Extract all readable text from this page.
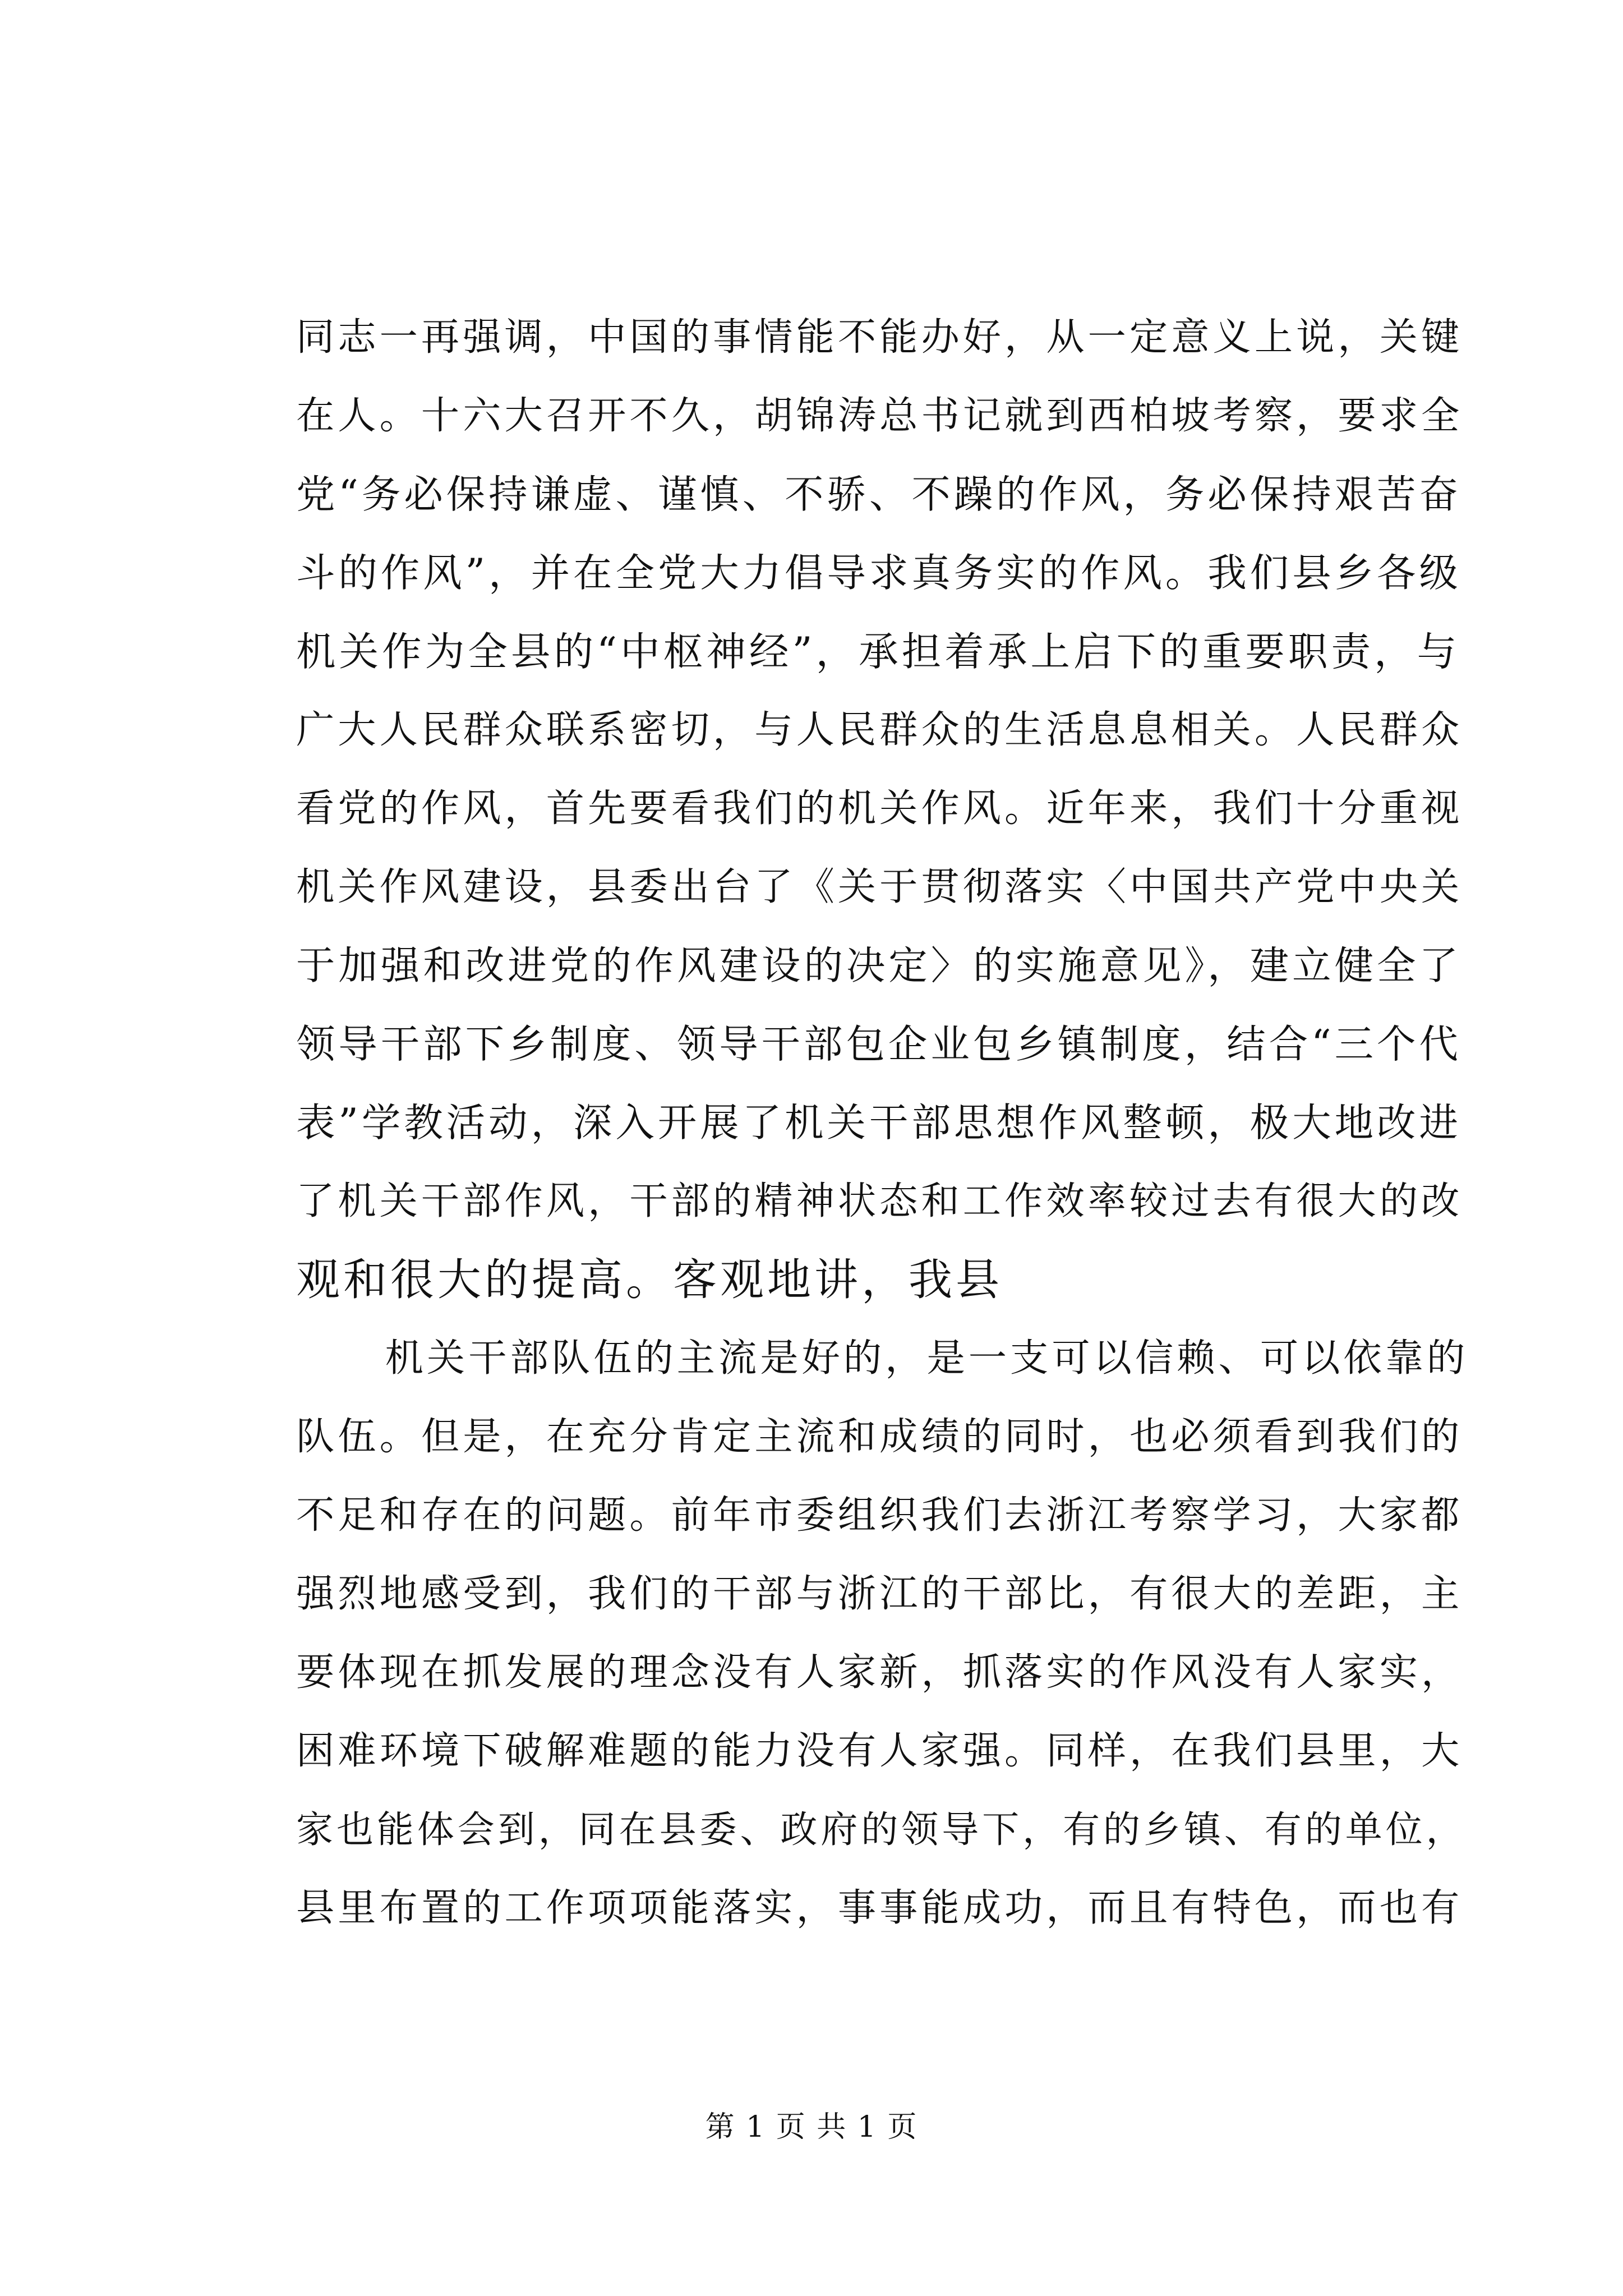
同志一再强调，中国的事情能不能办好，从一定意义上说，关键
在人。十六大召开不久，胡锦涛总书记就到西柏坡考察，要求全
党“务必保持谦虚、谨慎、不骄、不躁的作风，务必保持艰苦奋
斗的作风”，并在全党大力倡导求真务实的作风。我们县乡各级
机关作为全县的“中枢神经”，承担着承上启下的重要职责，与
广大人民群众联系密切，与人民群众的生活息息相关。人民群众
看党的作风，首先要看我们的机关作风。近年来，我们十分重视
机关作风建设，县委出台了《关于贯彻落实〈中国共产党中央关
于加强和改进党的作风建设的决定〉的实施意见》，建立健全了
领导干部下乡制度、领导干部包企业包乡镇制度，结合“三个代
表”学教活动，深入开展了机关干部思想作风整顿，极大地改进
了机关干部作风，干部的精神状态和工作效率较过去有很大的改
观和很大的提高。客观地讲，我县
　　机关干部队伍的主流是好的，是一支可以信赖、可以依靠的
队伍。但是，在充分肯定主流和成绩的同时，也必须看到我们的
不足和存在的问题。前年市委组织我们去浙江考察学习，大家都
强烈地感受到，我们的干部与浙江的干部比，有很大的差距，主
要体现在抓发展的理念没有人家新，抓落实的作风没有人家实，
困难环境下破解难题的能力没有人家强。同样，在我们县里，大
家也能体会到，同在县委、政府的领导下，有的乡镇、有的单位，
县里布置的工作项项能落实，事事能成功，而且有特色，而也有
第 1 页 共 1 页
